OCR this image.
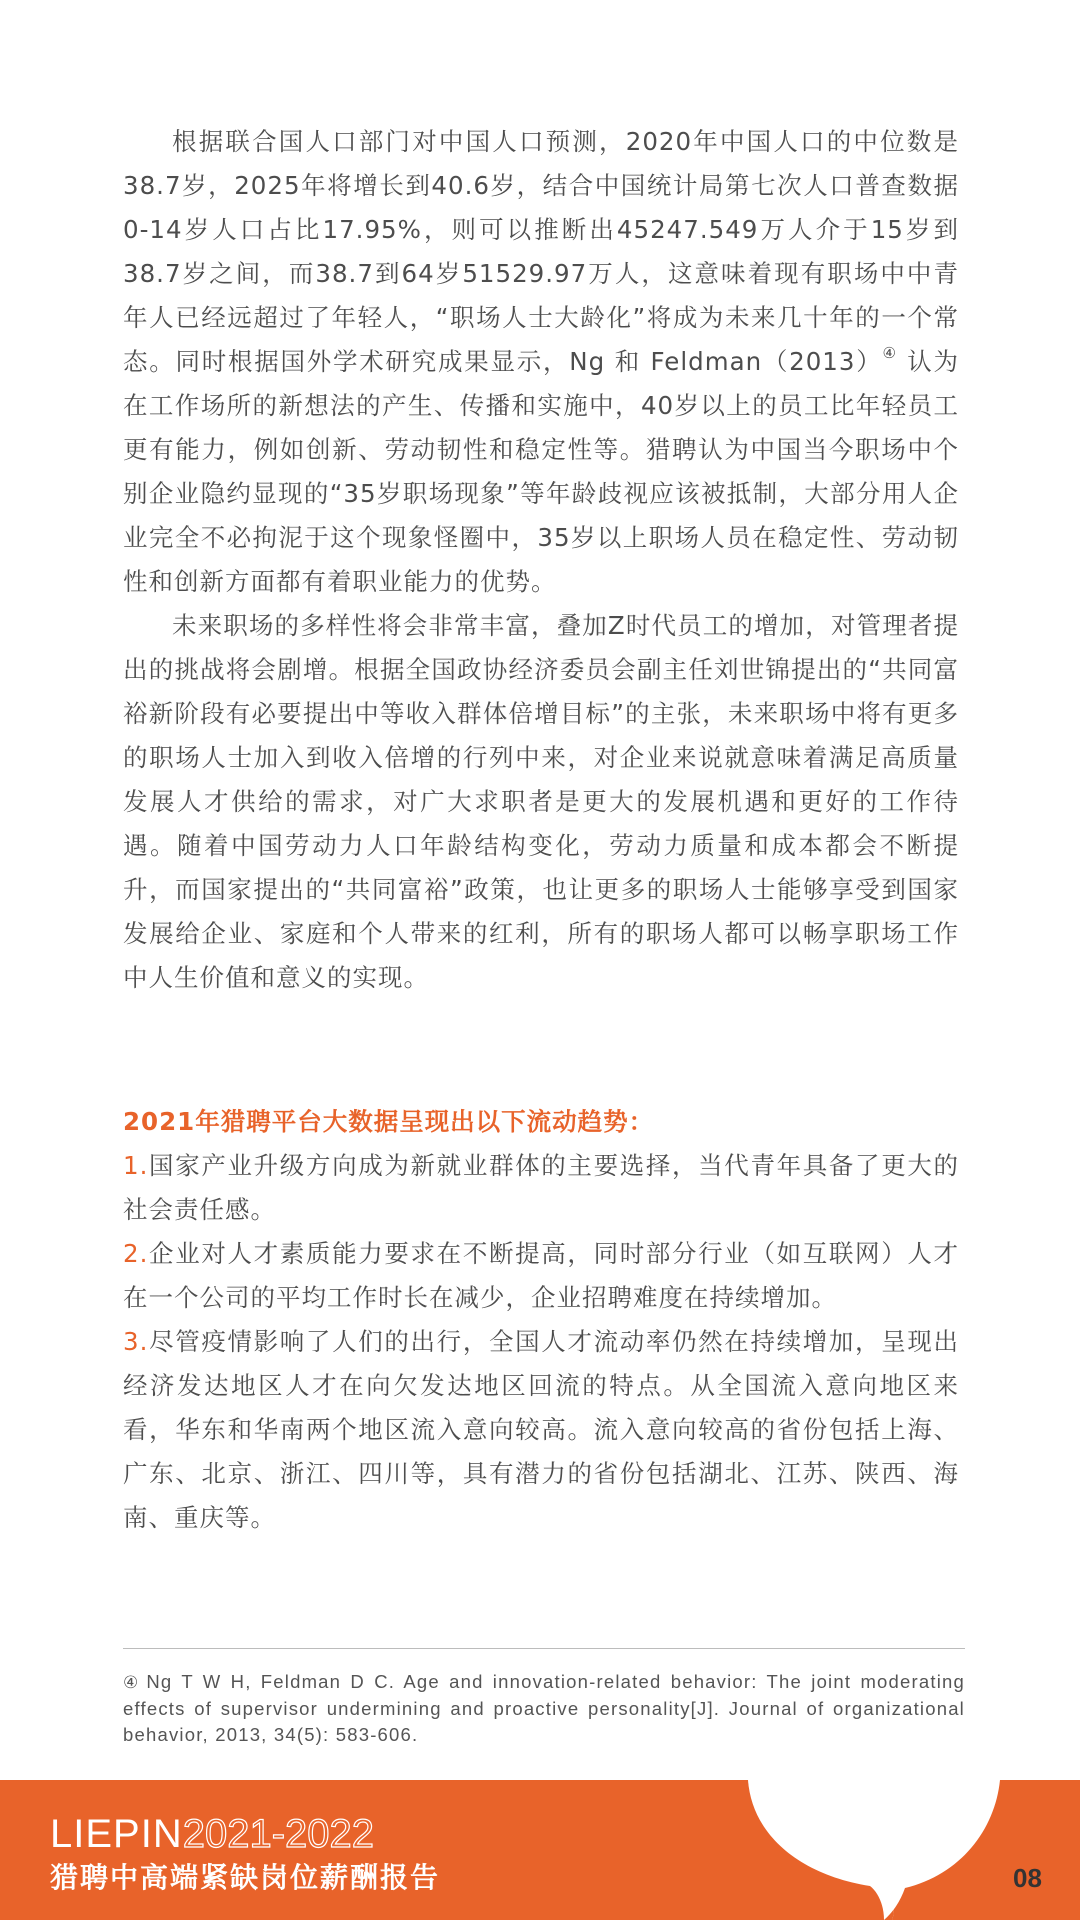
根据联合国人口部门对中国人口预测，2020年中国人口的中位数是38.7岁，2025年将增长到40.6岁，结合中国统计局第七次人口普查数据0-14岁人口占比17.95%，则可以推断出45247.549万人介于15岁到38.7岁之间，而38.7到64岁51529.97万人，这意味着现有职场中中青年人已经远超过了年轻人，“职场人士大龄化”将成为未来几十年的一个常态。同时根据国外学术研究成果显示，Ng 和 Feldman（2013）④ 认为在工作场所的新想法的产生、传播和实施中，40岁以上的员工比年轻员工更有能力，例如创新、劳动韧性和稳定性等。猎聘认为中国当今职场中个别企业隐约显现的“35岁职场现象”等年龄歧视应该被抵制，大部分用人企业完全不必拘泥于这个现象怪圈中，35岁以上职场人员在稳定性、劳动韧性和创新方面都有着职业能力的优势。

未来职场的多样性将会非常丰富，叠加Z时代员工的增加，对管理者提出的挑战将会剧增。根据全国政协经济委员会副主任刘世锦提出的“共同富裕新阶段有必要提出中等收入群体倍增目标”的主张，未来职场中将有更多的职场人士加入到收入倍增的行列中来，对企业来说就意味着满足高质量发展人才供给的需求，对广大求职者是更大的发展机遇和更好的工作待遇。随着中国劳动力人口年龄结构变化，劳动力质量和成本都会不断提升，而国家提出的“共同富裕”政策，也让更多的职场人士能够享受到国家发展给企业、家庭和个人带来的红利，所有的职场人都可以畅享职场工作中人生价值和意义的实现。

2021年猎聘平台大数据呈现出以下流动趋势：

1.国家产业升级方向成为新就业群体的主要选择，当代青年具备了更大的社会责任感。

2.企业对人才素质能力要求在不断提高，同时部分行业（如互联网）人才在一个公司的平均工作时长在减少，企业招聘难度在持续增加。

3.尽管疫情影响了人们的出行，全国人才流动率仍然在持续增加，呈现出经济发达地区人才在向欠发达地区回流的特点。从全国流入意向地区来看，华东和华南两个地区流入意向较高。流入意向较高的省份包括上海、广东、北京、浙江、四川等，具有潜力的省份包括湖北、江苏、陕西、海南、重庆等。

④ Ng T W H, Feldman D C. Age and innovation-related behavior: The joint moderating effects of supervisor undermining and proactive personality[J]. Journal of organizational behavior, 2013, 34(5): 583-606.
LIEPIN2021-2022
猎聘中高端紧缺岗位薪酬报告	08
